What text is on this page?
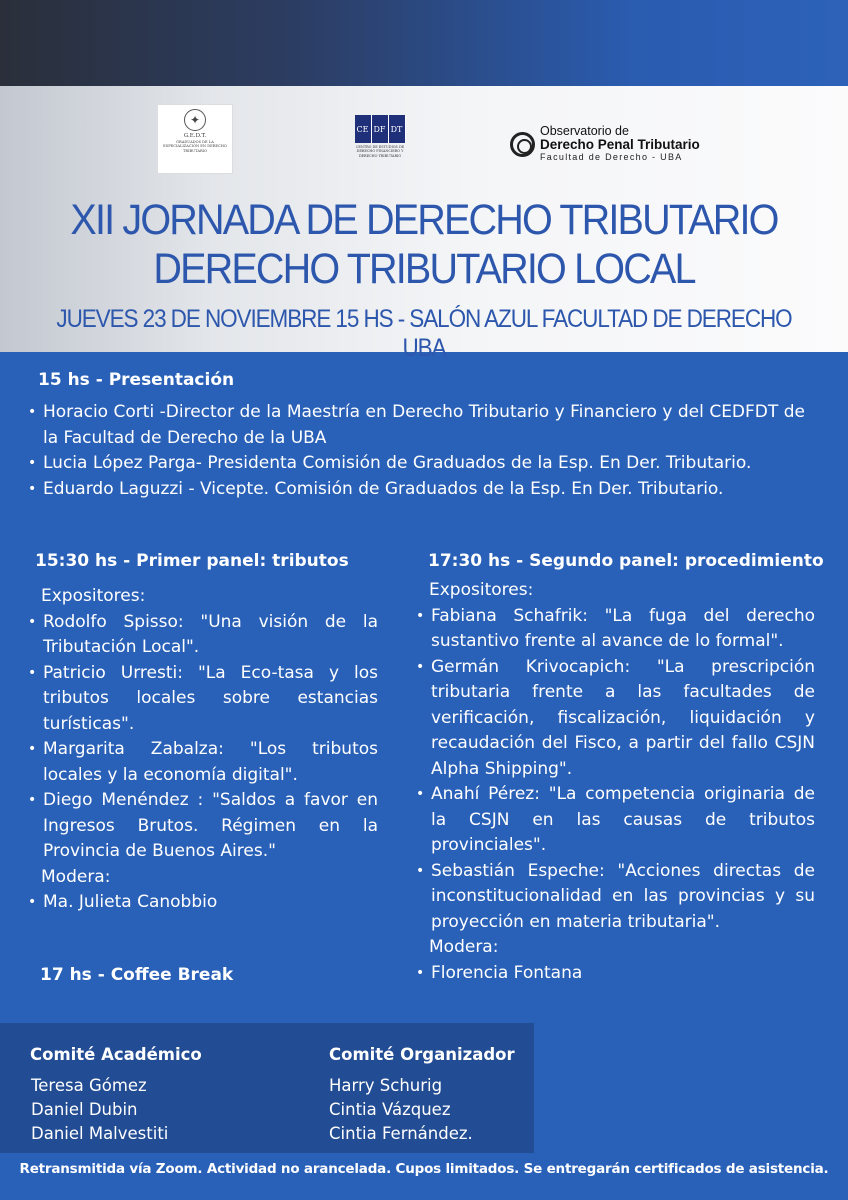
✦
G.E.D.T.
GRADUADOS DE LA
ESPECIALIZACIÓN EN DERECHO
TRIBUTARIO
CE DF DT
CENTRO DE ESTUDIOS DE
DERECHO FINANCIERO Y
DERECHO TRIBUTARIO
Observatorio de
Derecho Penal Tributario
Facultad de Derecho - UBA
XII JORNADA DE DERECHO TRIBUTARIO
DERECHO TRIBUTARIO LOCAL
JUEVES 23 DE NOVIEMBRE 15 HS - SALÓN AZUL FACULTAD DE DERECHO UBA
15 hs - Presentación
• Horacio Corti -Director de la Maestría en Derecho Tributario y Financiero y del CEDFDT de la Facultad de Derecho de la UBA
• Lucia López Parga- Presidenta Comisión de Graduados de la Esp. En Der. Tributario.
• Eduardo Laguzzi - Vicepte. Comisión de Graduados de la Esp. En Der. Tributario.
15:30 hs - Primer panel: tributos
Expositores:
• Rodolfo Spisso: "Una visión de la Tributación Local".
• Patricio Urresti: "La Eco-tasa y los tributos locales sobre estancias turísticas".
• Margarita Zabalza: "Los tributos locales y la economía digital".
• Diego Menéndez : "Saldos a favor en Ingresos Brutos. Régimen en la Provincia de Buenos Aires."
Modera:
• Ma. Julieta Canobbio
17 hs - Coffee Break
17:30 hs - Segundo panel: procedimiento
Expositores:
• Fabiana Schafrik: "La fuga del derecho sustantivo frente al avance de lo formal".
• Germán Krivocapich: "La prescripción tributaria frente a las facultades de verificación, fiscalización, liquidación y recaudación del Fisco, a partir del fallo CSJN Alpha Shipping".
• Anahí Pérez: "La competencia originaria de la CSJN en las causas de tributos provinciales".
• Sebastián Espeche: "Acciones directas de inconstitucionalidad en las provincias y su proyección en materia tributaria".
Modera:
• Florencia Fontana
Comité Académico
Teresa Gómez
Daniel Dubin
Daniel Malvestiti
Comité Organizador
Harry Schurig
Cintia Vázquez
Cintia Fernández.
Retransmitida vía Zoom. Actividad no arancelada. Cupos limitados. Se entregarán certificados de asistencia.
